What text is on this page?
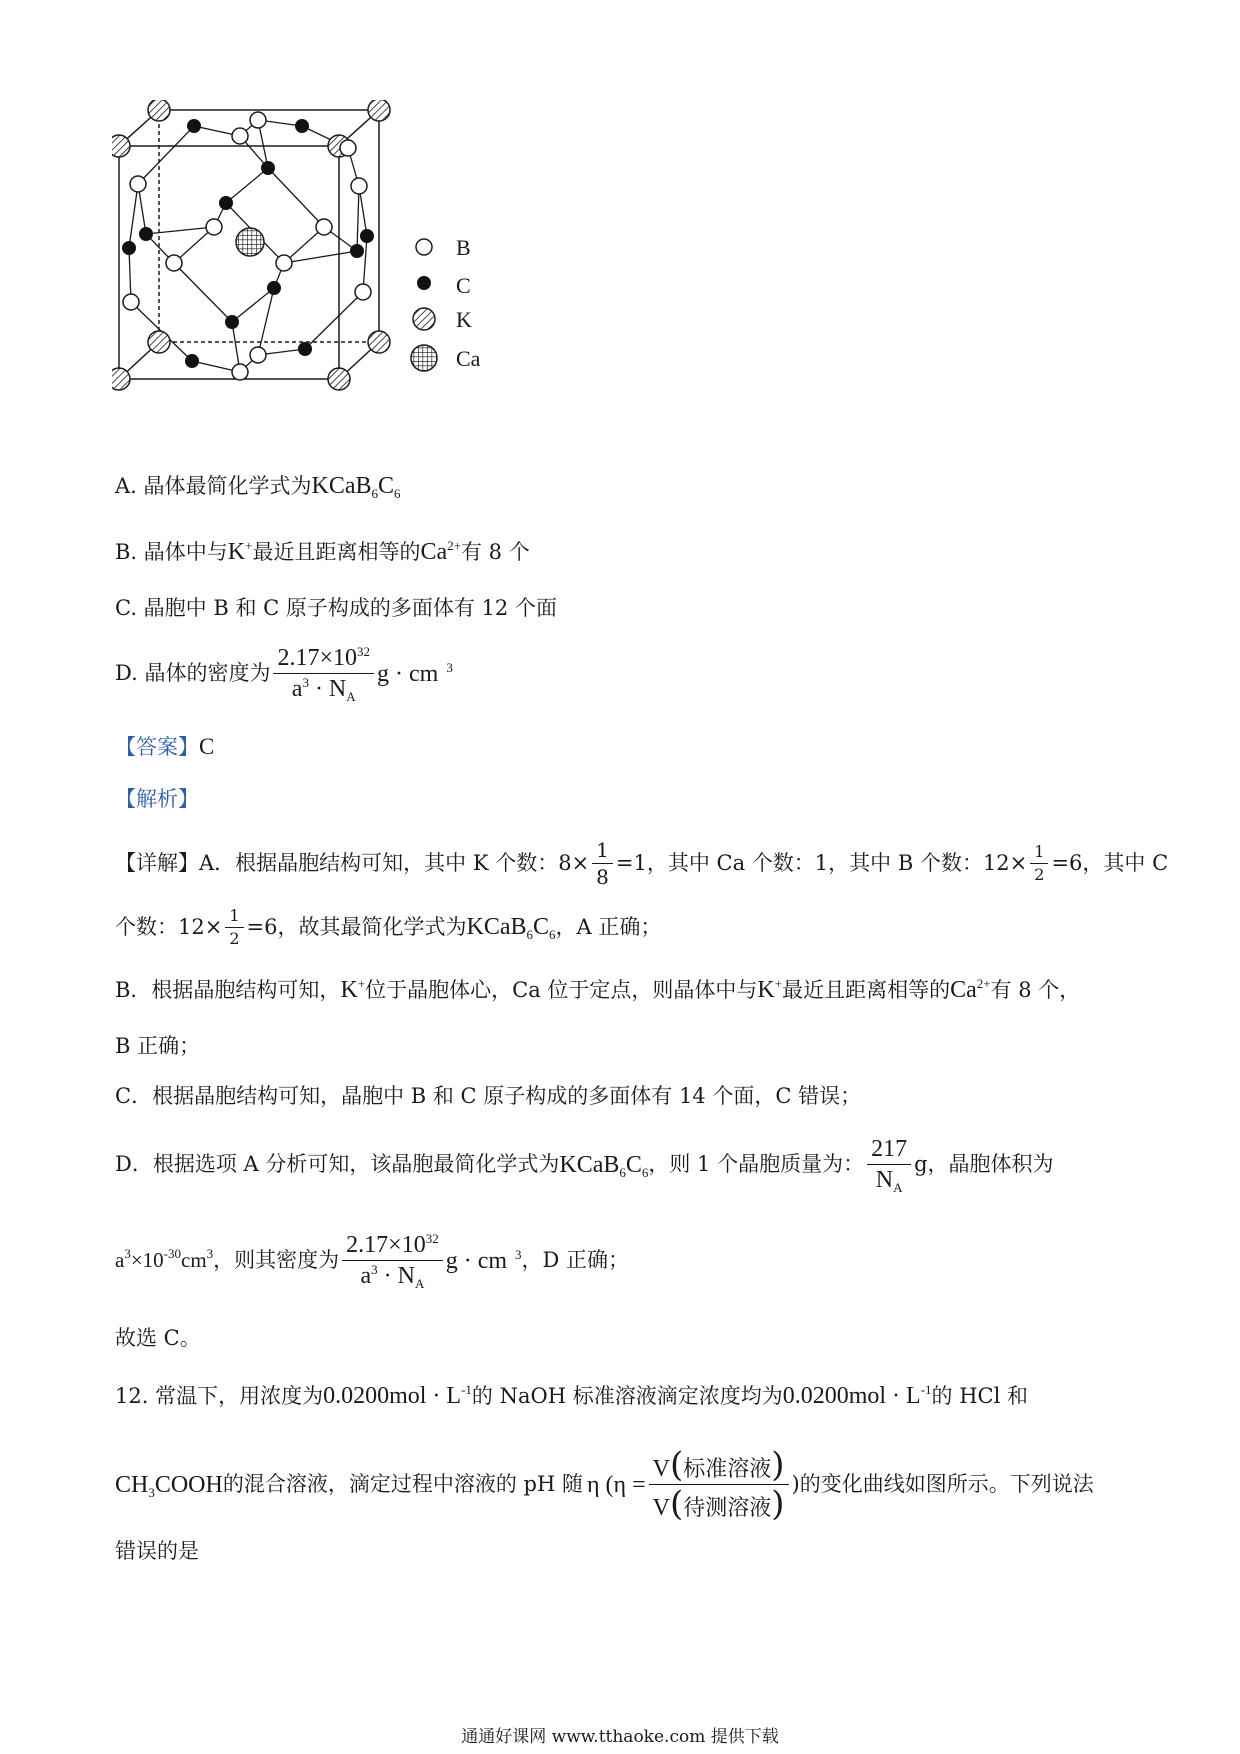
B
C
K
Ca
A. 晶体最简化学式为$KCaB_6C_6$
B. 晶体中与K+最近且距离相等的$Ca^{2+}$有 8 个
C. 晶胞中 B 和 C 原子构成的多面体有 12 个面
D. 晶体的密度为 $\frac{2.17\times 10^{32}}{a^3 \cdot N_A}$ g · cm $^3$
【答案】C
【解析】
【详解】A．根据晶胞结构可知，其中 K 个数：$8\times \frac{1}{8} =1$，其中 Ca 个数：1，其中 B 个数：$12\times \frac{1}{2} =6$，其中 C
个数：$12\times \frac{1}{2} =6$，故其最简化学式为 $KCaB_6C_6$ ，A 正确；
B．根据晶胞结构可知，K+位于晶胞体心，Ca 位于定点，则晶体中与K+最近且距离相等的$Ca^{2+}$有 8 个，
B 正确；
C．根据晶胞结构可知，晶胞中 B 和 C 原子构成的多面体有 14 个面，C 错误；
D．根据选项 A 分析可知，该晶胞最简化学式为 $KCaB_6C_6$ ，则 1 个晶胞质量为： $\frac{217}{N_A}$ g，晶胞体积为
$a^3\times 10^{-30}cm^3$ ，则其密度为 $\frac{2.17\times 10^{32}}{a^3 \cdot N_A}$ g · cm $^3$ ，D 正确；
故选 C。
12. 常温下，用浓度为$0.0200mol \cdot L^{-1}$的 NaOH 标准溶液滴定浓度均为$0.0200mol \cdot L^{-1}$的 HCl 和
$CH_3COOH$ 的混合溶液，滴定过程中溶液的 pH 随 η ($\eta = \frac{\text{V(标准溶液)}}{\text{V(待测溶液)}}$ )的变化曲线如图所示。下列说法
错误的是
通通好课网 www.tthaoke.com 提供下载
